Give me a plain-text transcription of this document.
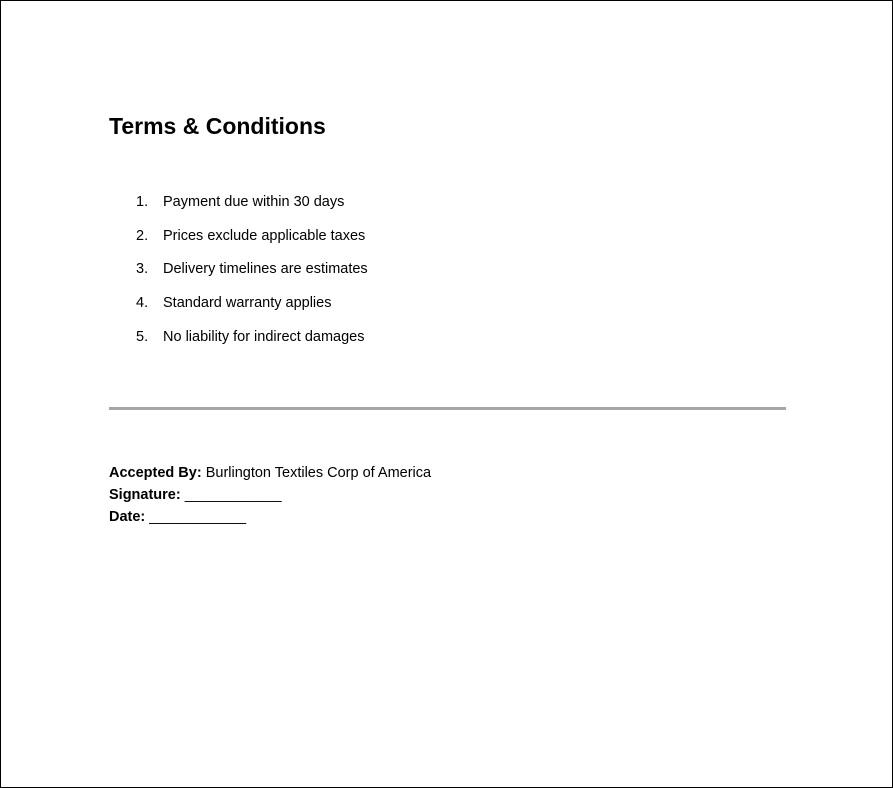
Terms & Conditions
1. Payment due within 30 days
2. Prices exclude applicable taxes
3. Delivery timelines are estimates
4. Standard warranty applies
5. No liability for indirect damages
Accepted By: Burlington Textiles Corp of America
Signature: ____________
Date: ____________
